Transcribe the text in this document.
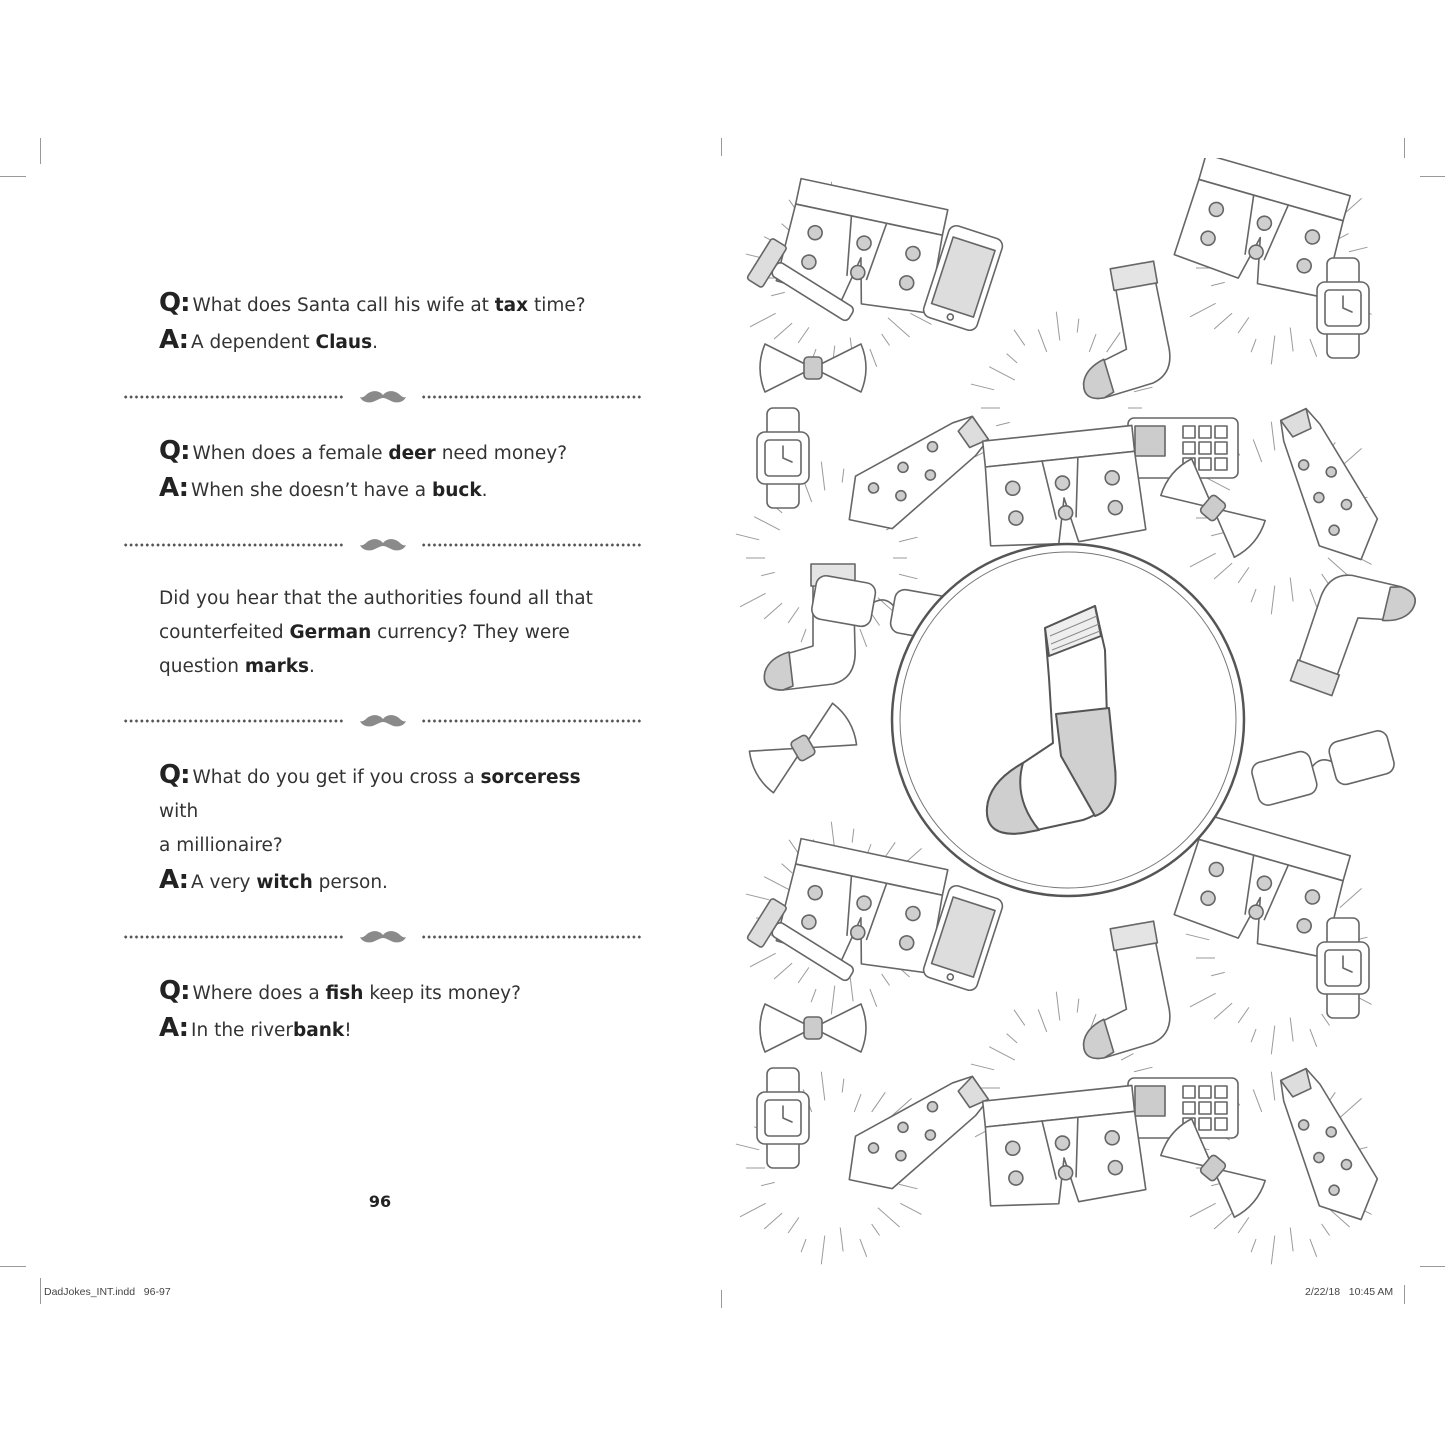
Q: What does Santa call his wife at tax time?
A: A dependent Claus.
Q: When does a female deer need money?
A: When she doesn’t have a buck.
Did you hear that the authorities found all that
counterfeited German currency? They were
question marks.
Q: What do you get if you cross a sorceress with
a millionaire?
A: A very witch person.
Q: Where does a fish keep its money?
A: In the riverbank!
96
DadJokes_INT.indd   96-97	2/22/18   10:45 AM
